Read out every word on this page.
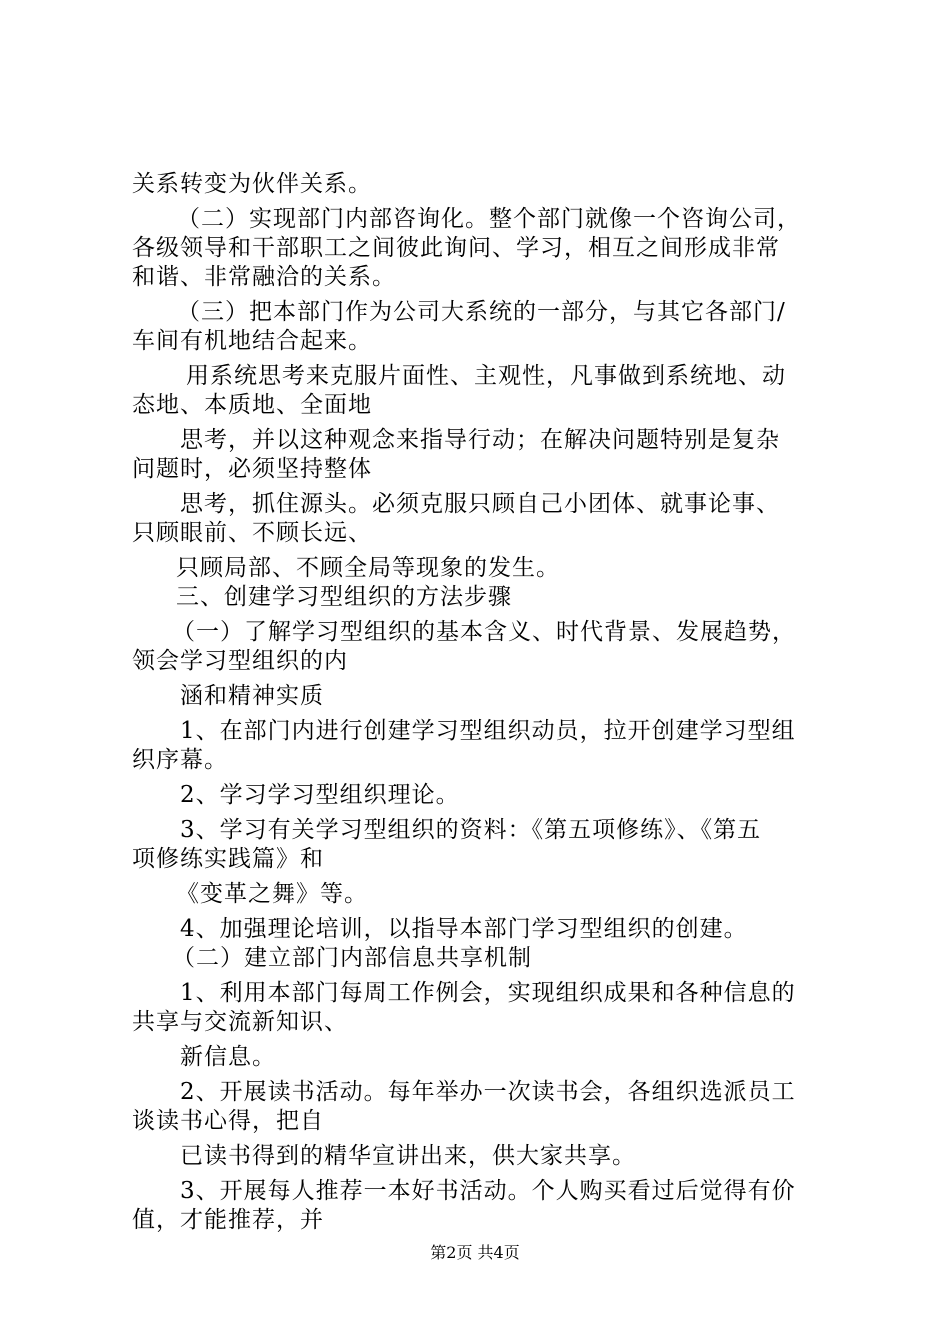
关系转变为伙伴关系。
（二）实现部门内部咨询化。整个部门就像一个咨询公司，
各级领导和干部职工之间彼此询问、学习，相互之间形成非常
和谐、非常融洽的关系。
（三）把本部门作为公司大系统的一部分，与其它各部门/
车间有机地结合起来。
用系统思考来克服片面性、主观性，凡事做到系统地、动
态地、本质地、全面地
思考，并以这种观念来指导行动；在解决问题特别是复杂
问题时，必须坚持整体
思考，抓住源头。必须克服只顾自己小团体、就事论事、
只顾眼前、不顾长远、
只顾局部、不顾全局等现象的发生。
三、创建学习型组织的方法步骤
（一）了解学习型组织的基本含义、时代背景、发展趋势，
领会学习型组织的内
涵和精神实质
1、在部门内进行创建学习型组织动员，拉开创建学习型组
织序幕。
2、学习学习型组织理论。
3、学习有关学习型组织的资料：《第五项修练》、《第五
项修练实践篇》和
《变革之舞》等。
4、加强理论培训，以指导本部门学习型组织的创建。
（二）建立部门内部信息共享机制
1、利用本部门每周工作例会，实现组织成果和各种信息的
共享与交流新知识、
新信息。
2、开展读书活动。每年举办一次读书会，各组织选派员工
谈读书心得，把自
已读书得到的精华宣讲出来，供大家共享。
3、开展每人推荐一本好书活动。个人购买看过后觉得有价
值，才能推荐，并
第2页 共4页
